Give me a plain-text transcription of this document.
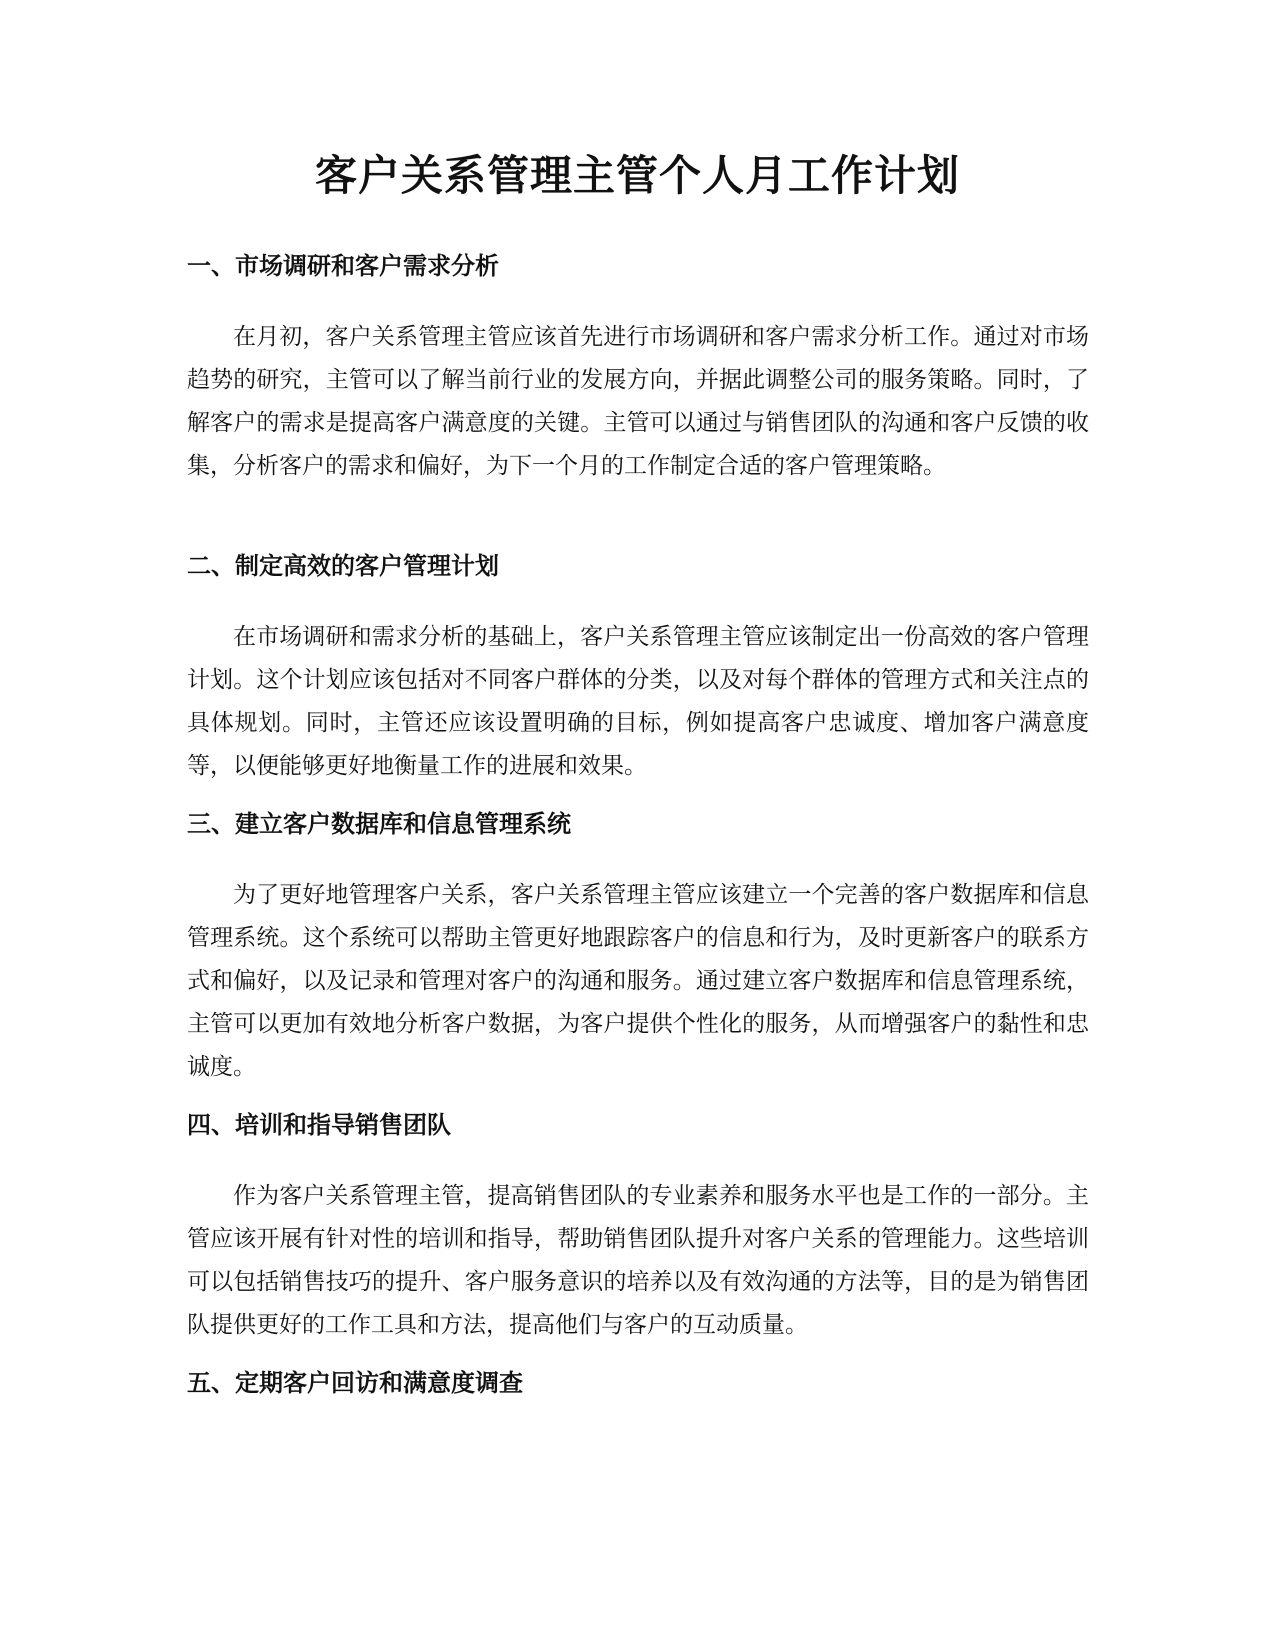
客户关系管理主管个人月工作计划
一、市场调研和客户需求分析

在月初，客户关系管理主管应该首先进行市场调研和客户需求分析工作。通过对市场趋势的研究，主管可以了解当前行业的发展方向，并据此调整公司的服务策略。同时，了解客户的需求是提高客户满意度的关键。主管可以通过与销售团队的沟通和客户反馈的收集，分析客户的需求和偏好，为下一个月的工作制定合适的客户管理策略。

二、制定高效的客户管理计划

在市场调研和需求分析的基础上，客户关系管理主管应该制定出一份高效的客户管理计划。这个计划应该包括对不同客户群体的分类，以及对每个群体的管理方式和关注点的具体规划。同时，主管还应该设置明确的目标，例如提高客户忠诚度、增加客户满意度等，以便能够更好地衡量工作的进展和效果。

三、建立客户数据库和信息管理系统

为了更好地管理客户关系，客户关系管理主管应该建立一个完善的客户数据库和信息管理系统。这个系统可以帮助主管更好地跟踪客户的信息和行为，及时更新客户的联系方式和偏好，以及记录和管理对客户的沟通和服务。通过建立客户数据库和信息管理系统，主管可以更加有效地分析客户数据，为客户提供个性化的服务，从而增强客户的黏性和忠诚度。

四、培训和指导销售团队

作为客户关系管理主管，提高销售团队的专业素养和服务水平也是工作的一部分。主管应该开展有针对性的培训和指导，帮助销售团队提升对客户关系的管理能力。这些培训可以包括销售技巧的提升、客户服务意识的培养以及有效沟通的方法等，目的是为销售团队提供更好的工作工具和方法，提高他们与客户的互动质量。

五、定期客户回访和满意度调查
